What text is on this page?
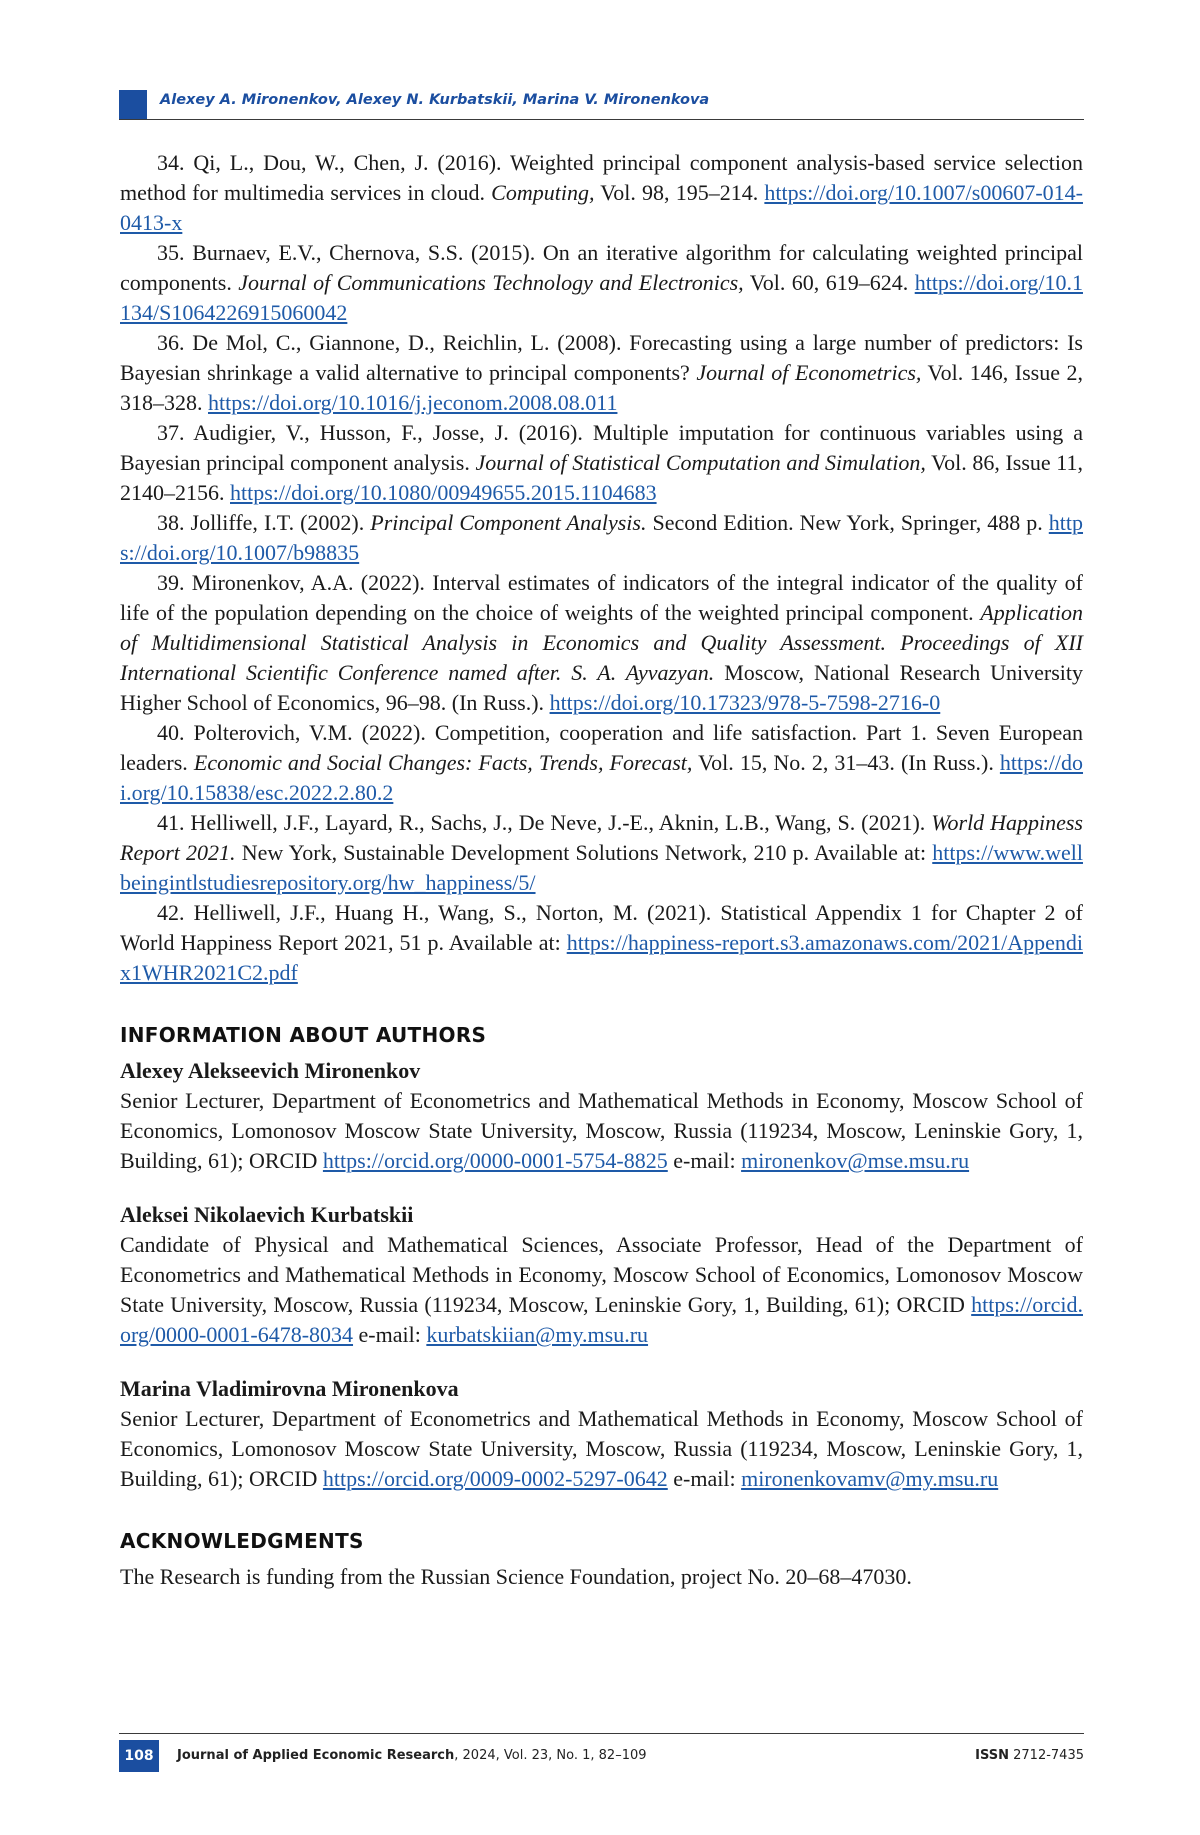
Alexey A. Mironenkov, Alexey N. Kurbatskii, Marina V. Mironenkova
34. Qi, L., Dou, W., Chen, J. (2016). Weighted principal component analysis-based service selection method for multimedia services in cloud. Computing, Vol. 98, 195–214. https://doi.org/10.1007/s00607-014-0413-x
35. Burnaev, E.V., Chernova, S.S. (2015). On an iterative algorithm for calculating weighted principal components. Journal of Communications Technology and Electronics, Vol. 60, 619–624. https://doi.org/10.1134/S1064226915060042
36. De Mol, C., Giannone, D., Reichlin, L. (2008). Forecasting using a large number of predictors: Is Bayesian shrinkage a valid alternative to principal components? Journal of Econometrics, Vol. 146, Issue 2, 318–328. https://doi.org/10.1016/j.jeconom.2008.08.011
37. Audigier, V., Husson, F., Josse, J. (2016). Multiple imputation for continuous variables using a Bayesian principal component analysis. Journal of Statistical Computation and Simulation, Vol. 86, Issue 11, 2140–2156. https://doi.org/10.1080/00949655.2015.1104683
38. Jolliffe, I.T. (2002). Principal Component Analysis. Second Edition. New York, Springer, 488 p. https://doi.org/10.1007/b98835
39. Mironenkov, A.A. (2022). Interval estimates of indicators of the integral indicator of the quality of life of the population depending on the choice of weights of the weighted principal component. Application of Multidimensional Statistical Analysis in Economics and Quality Assessment. Proceedings of XII International Scientific Conference named after. S. A. Ayvazyan. Moscow, National Research University Higher School of Economics, 96–98. (In Russ.). https://doi.org/10.17323/978-5-7598-2716-0
40. Polterovich, V.M. (2022). Competition, cooperation and life satisfaction. Part 1. Seven European leaders. Economic and Social Changes: Facts, Trends, Forecast, Vol. 15, No. 2, 31–43. (In Russ.). https://doi.org/10.15838/esc.2022.2.80.2
41. Helliwell, J.F., Layard, R., Sachs, J., De Neve, J.-E., Aknin, L.B., Wang, S. (2021). World Happiness Report 2021. New York, Sustainable Development Solutions Network, 210 p. Available at: https://www.wellbeingintlstudiesrepository.org/hw_happiness/5/
42. Helliwell, J.F., Huang H., Wang, S., Norton, M. (2021). Statistical Appendix 1 for Chapter 2 of World Happiness Report 2021, 51 p. Available at: https://happiness-report.s3.amazonaws.com/2021/Appendix1WHR2021C2.pdf
INFORMATION ABOUT AUTHORS
Alexey Alekseevich Mironenkov
Senior Lecturer, Department of Econometrics and Mathematical Methods in Economy, Moscow School of Economics, Lomonosov Moscow State University, Moscow, Russia (119234, Moscow, Leninskie Gory, 1, Building, 61); ORCID https://orcid.org/0000-0001-5754-8825 e-mail: mironenkov@mse.msu.ru
Aleksei Nikolaevich Kurbatskii
Candidate of Physical and Mathematical Sciences, Associate Professor, Head of the Department of Econometrics and Mathematical Methods in Economy, Moscow School of Economics, Lomonosov Moscow State University, Moscow, Russia (119234, Moscow, Leninskie Gory, 1, Building, 61); ORCID https://orcid.org/0000-0001-6478-8034 e-mail: kurbatskiian@my.msu.ru
Marina Vladimirovna Mironenkova
Senior Lecturer, Department of Econometrics and Mathematical Methods in Economy, Moscow School of Economics, Lomonosov Moscow State University, Moscow, Russia (119234, Moscow, Leninskie Gory, 1, Building, 61); ORCID https://orcid.org/0009-0002-5297-0642 e-mail: mironenkovamv@my.msu.ru
ACKNOWLEDGMENTS
The Research is funding from the Russian Science Foundation, project No. 20–68–47030.
108	Journal of Applied Economic Research, 2024, Vol. 23, No. 1, 82–109	ISSN 2712-7435
